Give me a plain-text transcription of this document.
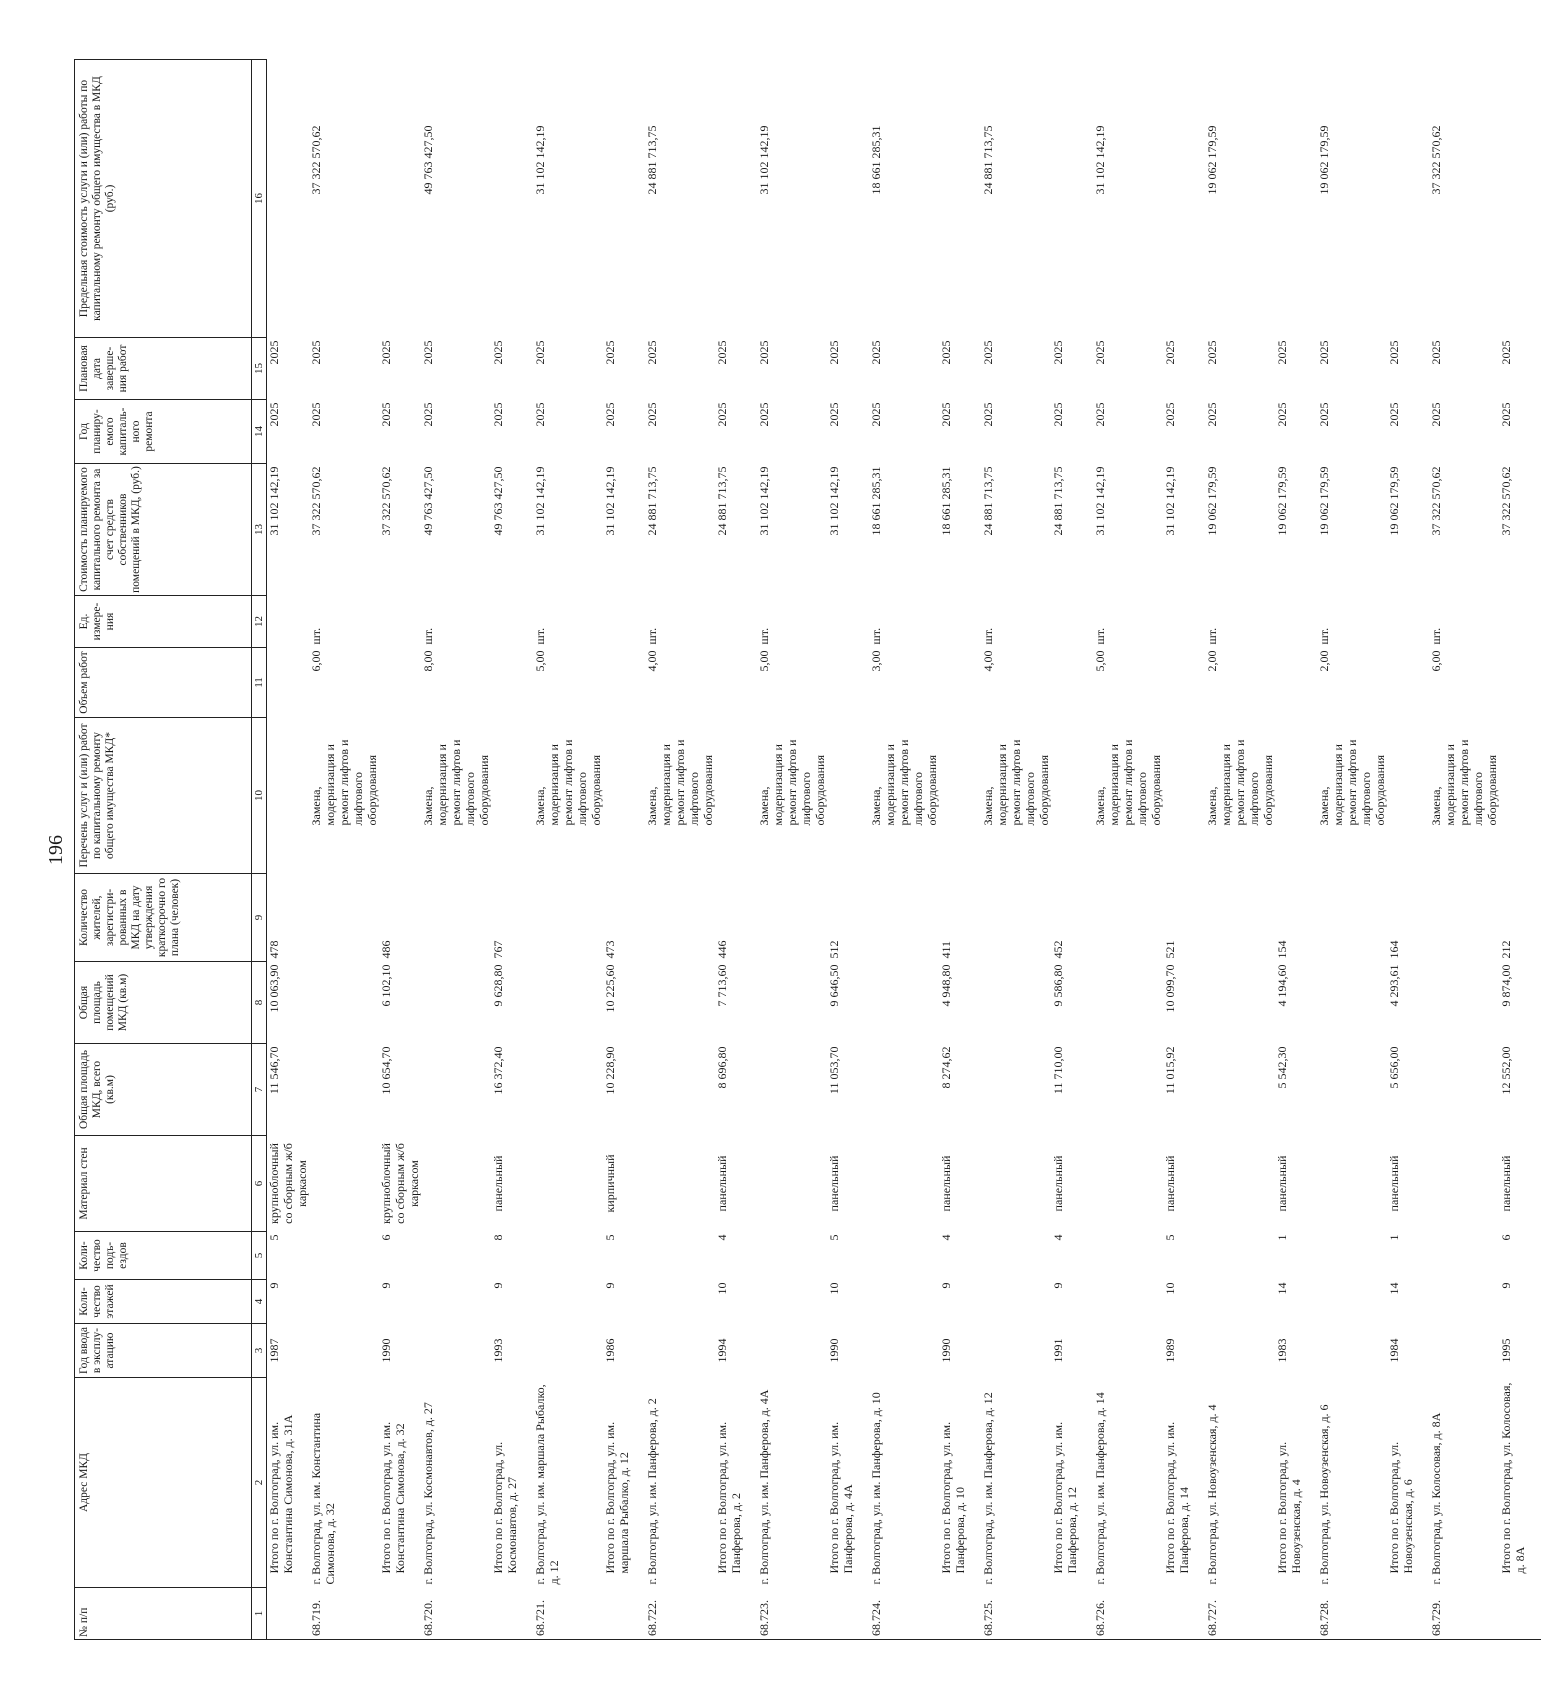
196
№ п/п	Адрес МКД	Год ввода в эксплу-атацию	Коли-чество этажей	Коли-чество подъ-ездов	Материал стен	Общая площадь МКД, всего (кв.м)	Общая площадь помещений МКД (кв.м)	Количество жителей, зарегистри-рованных в МКД на дату утверждения краткосрочно го плана (человек)	Перечень услуг и (или) работ по капитальному ремонту общего имущества МКД*	Объем работ	Ед. измере-ния	Стоимость планируемого капитального ремонта за счет средств собственников помещений в МКД, (руб.)	Год планиру-емого капиталь-ного ремонта	Плановая дата заверше-ния работ	Предельная стоимость услуги и (или) работы по капитальному ремонту общего имущества в МКД (руб.)
1	2	3	4	5	6	7	8	9	10	11	12	13	14	15	16
	Итого по г. Волгоград, ул. им. Константина Симонова, д. 31А	1987	9	5	крупноблочный со сборным ж/б каркасом	11 546,70	10 063,90	478				31 102 142,19	2025	2025	
68.719.	г. Волгоград, ул. им. Константина Симонова, д. 32								Замена, модернизация и ремонт лифтов и лифтового оборудования	6,00	шт.	37 322 570,62	2025	2025	37 322 570,62
	Итого по г. Волгоград, ул. им. Константина Симонова, д. 32	1990	9	6	крупноблочный со сборным ж/б каркасом	10 654,70	6 102,10	486				37 322 570,62	2025	2025	
68.720.	г. Волгоград, ул. Космонавтов, д. 27								Замена, модернизация и ремонт лифтов и лифтового оборудования	8,00	шт.	49 763 427,50	2025	2025	49 763 427,50
	Итого по г. Волгоград, ул. Космонавтов, д. 27	1993	9	8	панельный	16 372,40	9 628,80	767				49 763 427,50	2025	2025	
68.721.	г. Волгоград, ул. им. маршала Рыбалко, д. 12								Замена, модернизация и ремонт лифтов и лифтового оборудования	5,00	шт.	31 102 142,19	2025	2025	31 102 142,19
	Итого по г. Волгоград, ул. им. маршала Рыбалко, д. 12	1986	9	5	кирпичный	10 228,90	10 225,60	473				31 102 142,19	2025	2025	
68.722.	г. Волгоград, ул. им. Панферова, д. 2								Замена, модернизация и ремонт лифтов и лифтового оборудования	4,00	шт.	24 881 713,75	2025	2025	24 881 713,75
	Итого по г. Волгоград, ул. им. Панферова, д. 2	1994	10	4	панельный	8 696,80	7 713,60	446				24 881 713,75	2025	2025	
68.723.	г. Волгоград, ул. им. Панферова, д. 4А								Замена, модернизация и ремонт лифтов и лифтового оборудования	5,00	шт.	31 102 142,19	2025	2025	31 102 142,19
	Итого по г. Волгоград, ул. им. Панферова, д. 4А	1990	10	5	панельный	11 053,70	9 646,50	512				31 102 142,19	2025	2025	
68.724.	г. Волгоград, ул. им. Панферова, д. 10								Замена, модернизация и ремонт лифтов и лифтового оборудования	3,00	шт.	18 661 285,31	2025	2025	18 661 285,31
	Итого по г. Волгоград, ул. им. Панферова, д. 10	1990	9	4	панельный	8 274,62	4 948,80	411				18 661 285,31	2025	2025	
68.725.	г. Волгоград, ул. им. Панферова, д. 12								Замена, модернизация и ремонт лифтов и лифтового оборудования	4,00	шт.	24 881 713,75	2025	2025	24 881 713,75
	Итого по г. Волгоград, ул. им. Панферова, д. 12	1991	9	4	панельный	11 710,00	9 586,80	452				24 881 713,75	2025	2025	
68.726.	г. Волгоград, ул. им. Панферова, д. 14								Замена, модернизация и ремонт лифтов и лифтового оборудования	5,00	шт.	31 102 142,19	2025	2025	31 102 142,19
	Итого по г. Волгоград, ул. им. Панферова, д. 14	1989	10	5	панельный	11 015,92	10 099,70	521				31 102 142,19	2025	2025	
68.727.	г. Волгоград, ул. Новоузенская, д. 4								Замена, модернизация и ремонт лифтов и лифтового оборудования	2,00	шт.	19 062 179,59	2025	2025	19 062 179,59
	Итого по г. Волгоград, ул. Новоузенская, д. 4	1983	14	1	панельный	5 542,30	4 194,60	154				19 062 179,59	2025	2025	
68.728.	г. Волгоград, ул. Новоузенская, д. 6								Замена, модернизация и ремонт лифтов и лифтового оборудования	2,00	шт.	19 062 179,59	2025	2025	19 062 179,59
	Итого по г. Волгоград, ул. Новоузенская, д. 6	1984	14	1	панельный	5 656,00	4 293,61	164				19 062 179,59	2025	2025	
68.729.	г. Волгоград, ул. Колосовая, д. 8А								Замена, модернизация и ремонт лифтов и лифтового оборудования	6,00	шт.	37 322 570,62	2025	2025	37 322 570,62
	Итого по г. Волгоград, ул. Колосовая, д. 8А	1995	9	6	панельный	12 552,00	9 874,00	212				37 322 570,62	2025	2025	
